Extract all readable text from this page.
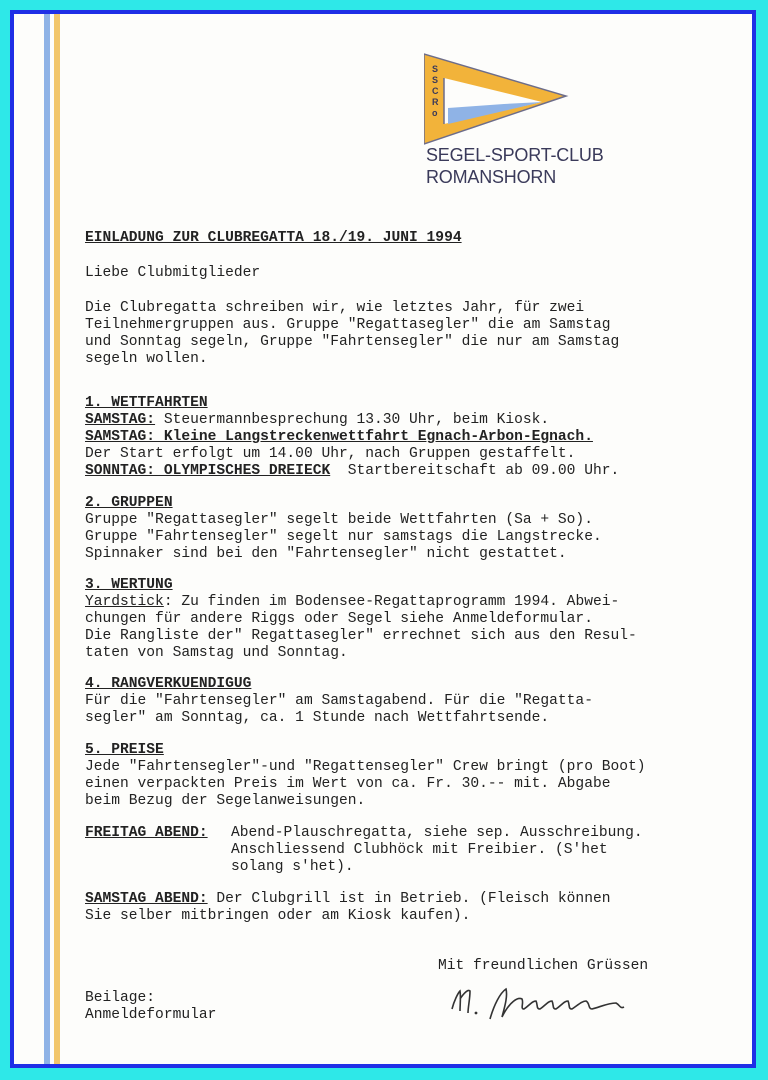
S S C R o
SEGEL-SPORT-CLUB
ROMANSHORN
EINLADUNG ZUR CLUBREGATTA 18./19. JUNI 1994
Liebe Clubmitglieder
Die Clubregatta schreiben wir, wie letztes Jahr, für zwei
Teilnehmergruppen aus. Gruppe "Regattasegler" die am Samstag
und Sonntag segeln, Gruppe "Fahrtensegler" die nur am Samstag
segeln wollen.
1. WETTFAHRTEN
SAMSTAG: Steuermannbesprechung 13.30 Uhr, beim Kiosk.
SAMSTAG: Kleine Langstreckenwettfahrt Egnach-Arbon-Egnach.
Der Start erfolgt um 14.00 Uhr, nach Gruppen gestaffelt.
SONNTAG: OLYMPISCHES DREIECK  Startbereitschaft ab 09.00 Uhr.
2. GRUPPEN
Gruppe "Regattasegler" segelt beide Wettfahrten (Sa + So).
Gruppe "Fahrtensegler" segelt nur samstags die Langstrecke.
Spinnaker sind bei den "Fahrtensegler" nicht gestattet.
3. WERTUNG
Yardstick: Zu finden im Bodensee-Regattaprogramm 1994. Abwei-
chungen für andere Riggs oder Segel siehe Anmeldeformular.
Die Rangliste der" Regattasegler" errechnet sich aus den Resul-
taten von Samstag und Sonntag.
4. RANGVERKUENDIGUG
Für die "Fahrtensegler" am Samstagabend. Für die "Regatta-
segler" am Sonntag, ca. 1 Stunde nach Wettfahrtsende.
5. PREISE
Jede "Fahrtensegler"-und "Regattensegler" Crew bringt (pro Boot)
einen verpackten Preis im Wert von ca. Fr. 30.-- mit. Abgabe
beim Bezug der Segelanweisungen.
FREITAG ABEND: Abend-Plauschregatta, siehe sep. Ausschreibung.
Anschliessend Clubhöck mit Freibier. (S'het
solang s'het).
SAMSTAG ABEND: Der Clubgrill ist in Betrieb. (Fleisch können
Sie selber mitbringen oder am Kiosk kaufen).
Mit freundlichen Grüssen
Beilage:
Anmeldeformular
